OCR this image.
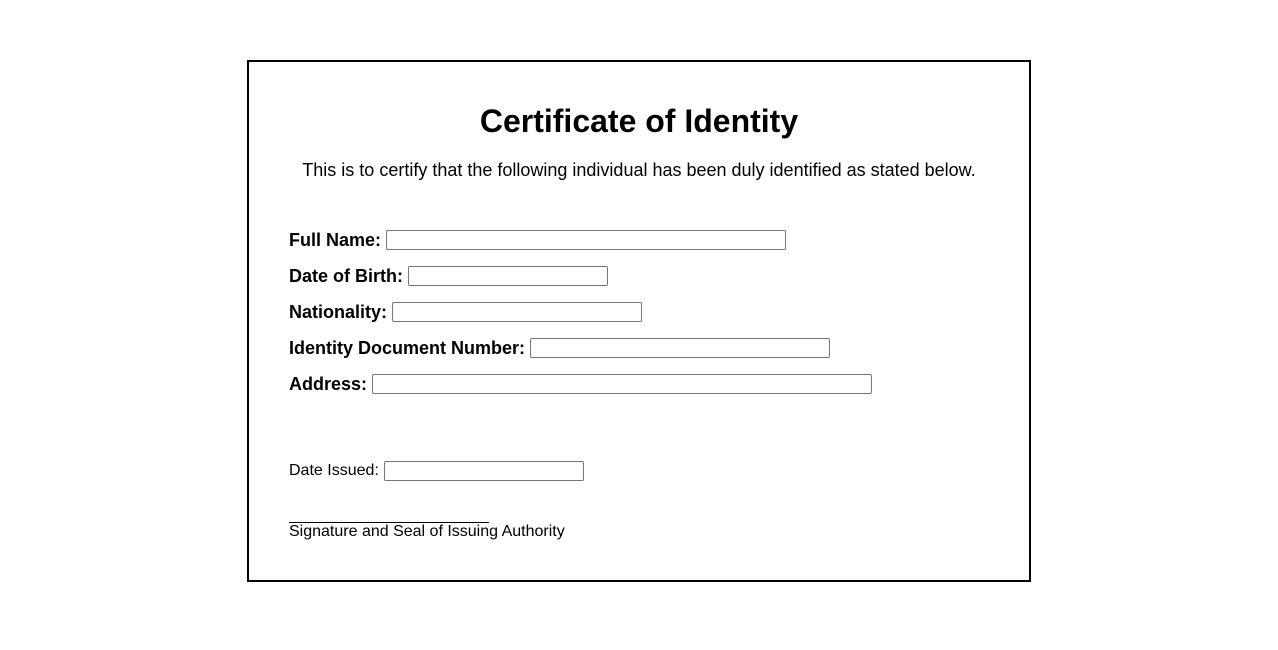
Certificate of Identity

This is to certify that the following individual has been duly identified as stated below.

Full Name:
Date of Birth:
Nationality:
Identity Document Number:
Address:
Date Issued:
Signature and Seal of Issuing Authority
